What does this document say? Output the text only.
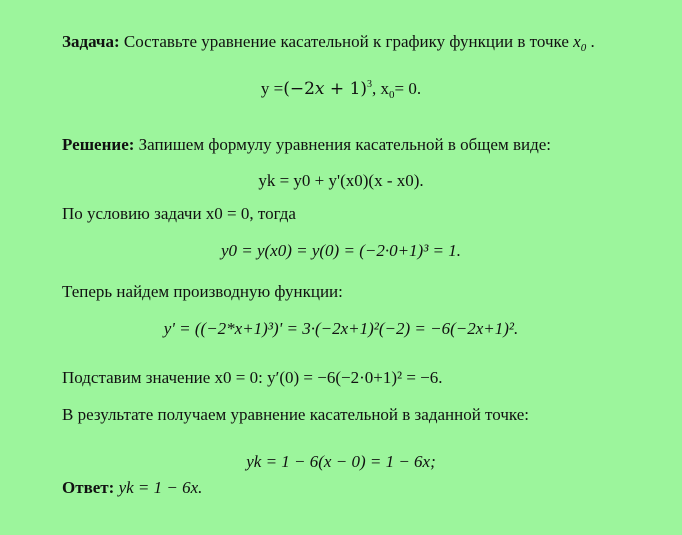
Задача: Составьте уравнение касательной к графику функции в точке $x_0$ .
y =(−2𝑥 + 1)$^3$, $x_0= 0$.
Решение: Запишем формулу уравнения касательной в общем виде:
yk = y0 + y'(x0)(x - x0).
По условию задачи x0 = 0, тогда
y0 = y(x0) = y(0) = (−2·0+1)³ = 1.
Теперь найдем производную функции:
y' = ((−2*x+1)³)' = 3·(−2x+1)²(−2) = −6(−2x+1)².
Подставим значение x0 = 0: y′(0) = −6(−2·0+1)² = −6.
В результате получаем уравнение касательной в заданной точке:
yk = 1 − 6(x − 0) = 1 − 6x;
Ответ: yk = 1 − 6x.
